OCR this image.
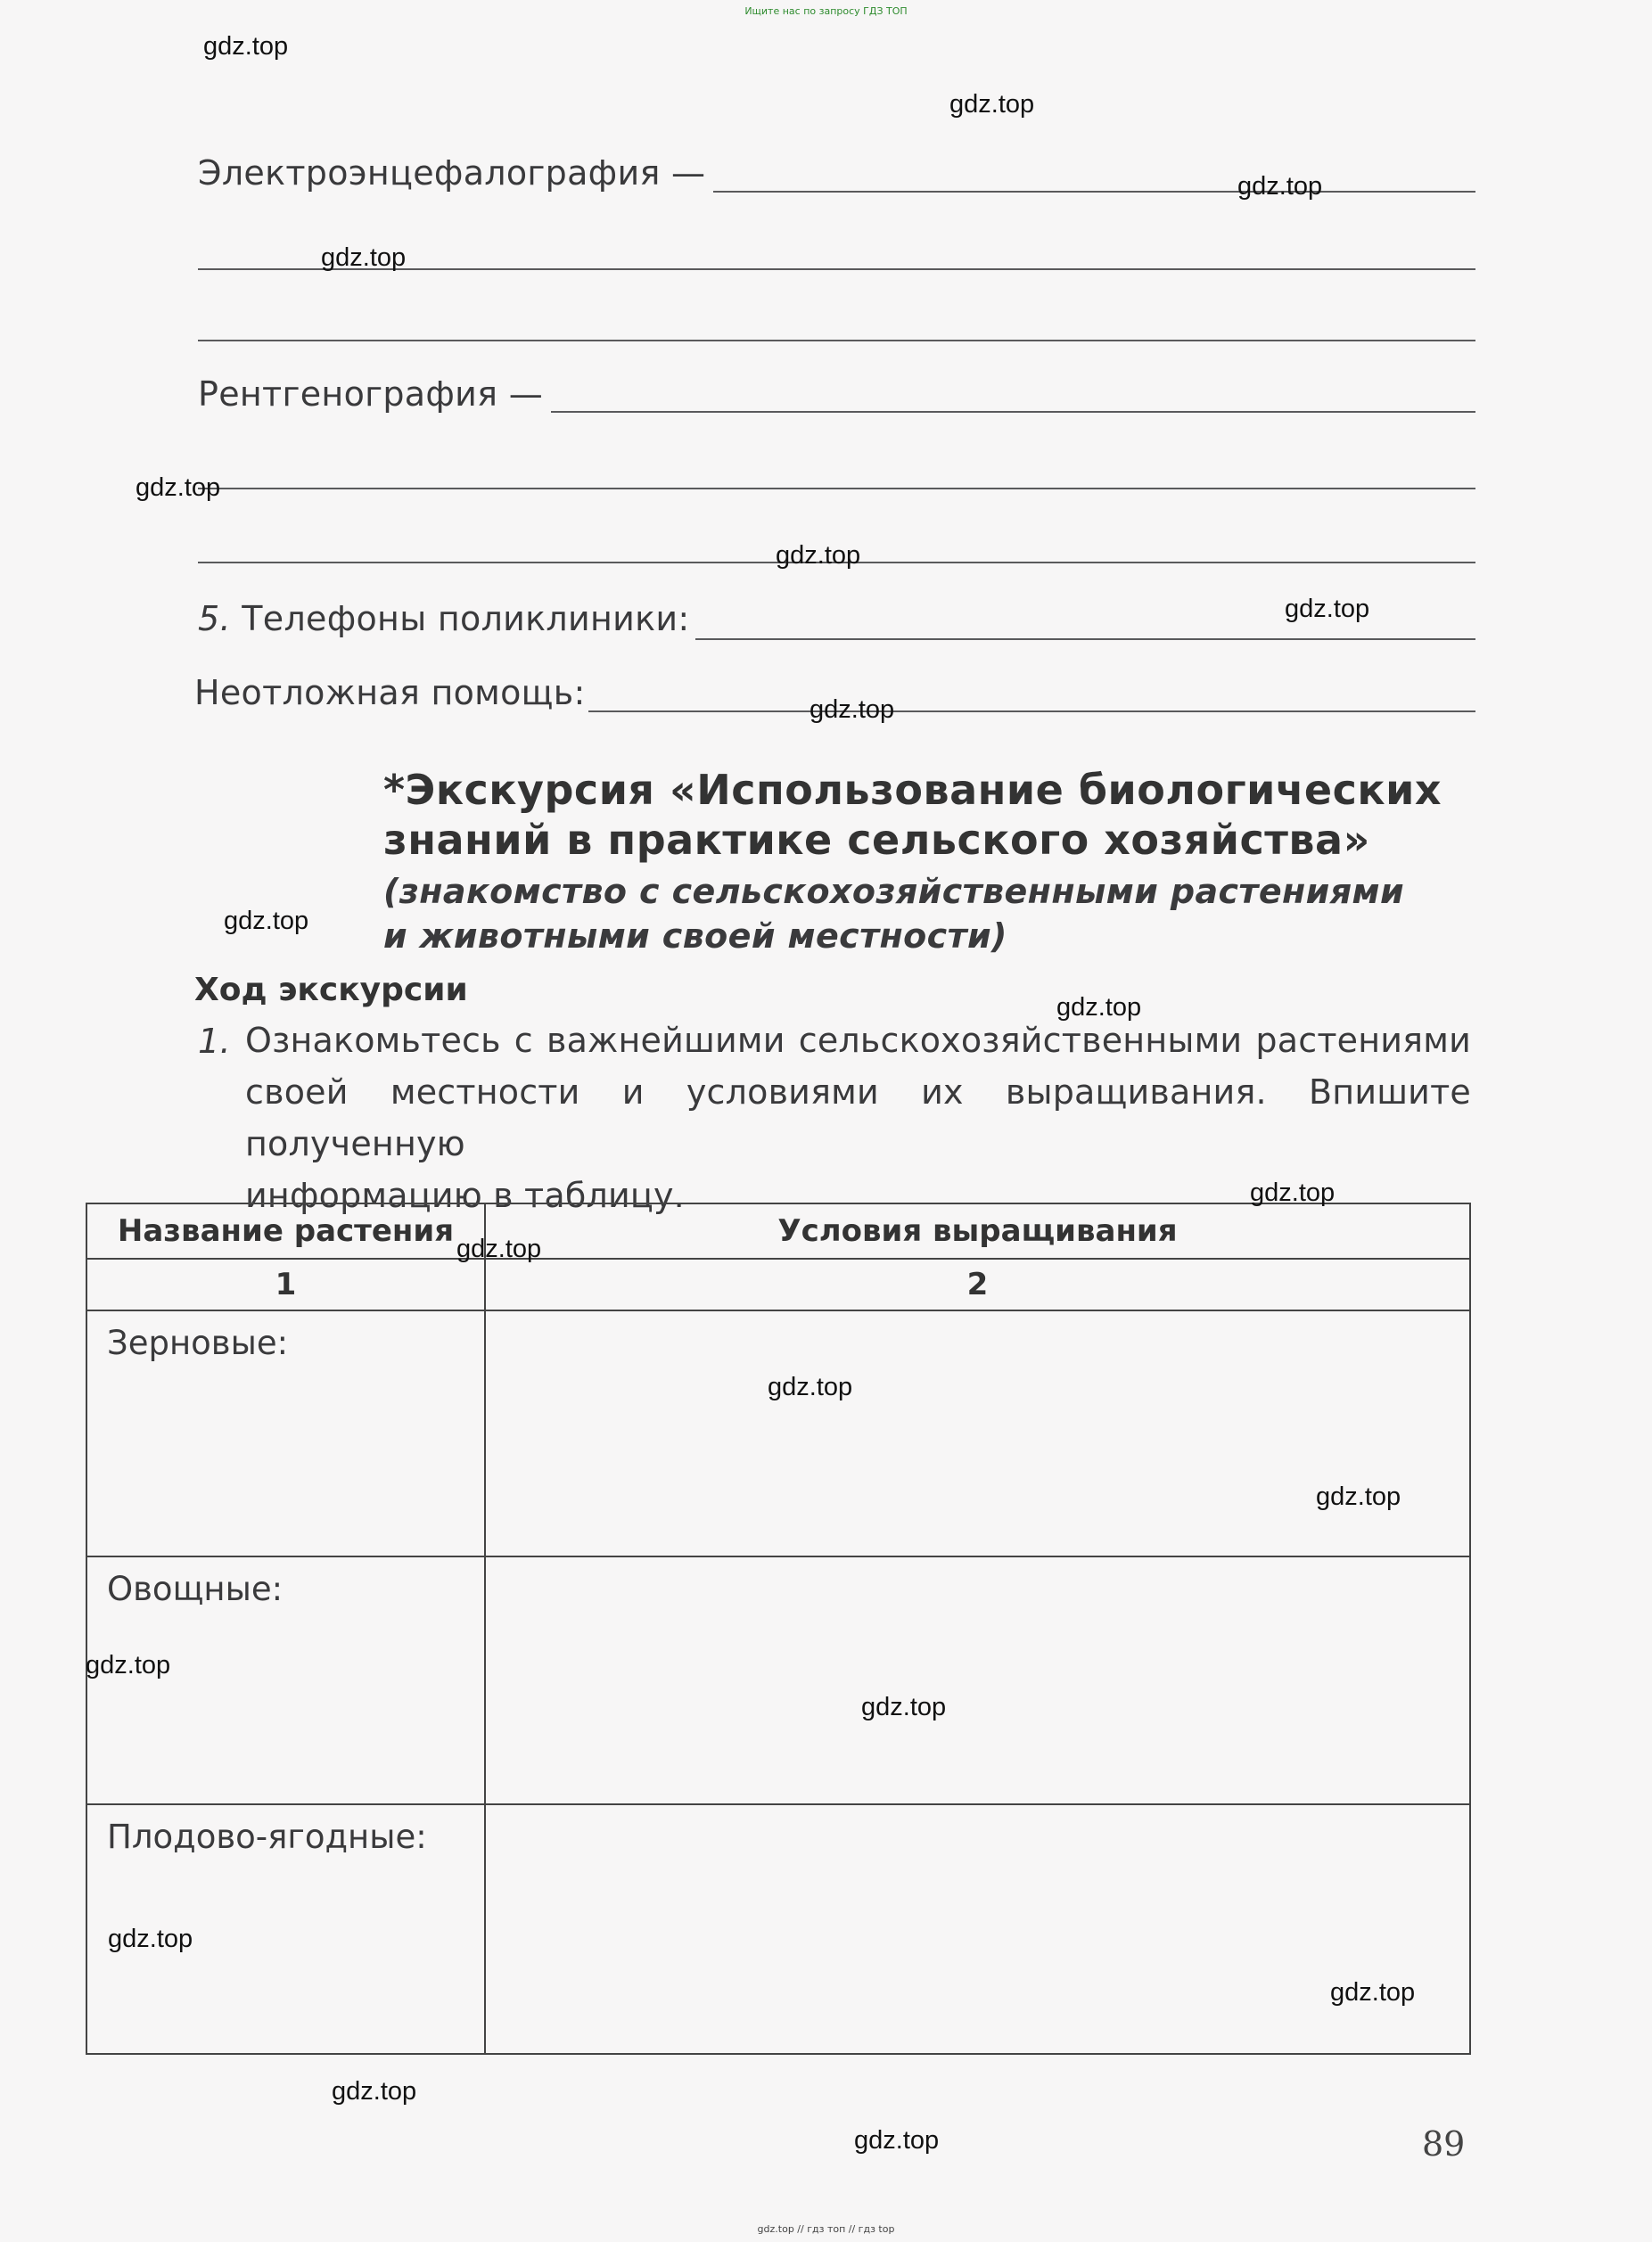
Ищите нас по запросу ГДЗ ТОП
gdz.top // гдз топ // гдз top
Электроэнцефалография —
Рентгенография —
5. Телефоны поликлиники:
Неотложная помощь:
*Экскурсия «Использование биологических
знаний в практике сельского хозяйства»
(знакомство с сельскохозяйственными растениями
и животными своей местности)
Ход экскурсии
1. Ознакомьтесь с важнейшими сельскохозяйственными растениями
своей местности и условиями их выращивания. Впишите полученную
информацию в таблицу.
Название растения	Условия выращивания
1	2
Зерновые:	
Овощные:	
Плодово-ягодные:	
89
gdz.top
gdz.top
gdz.top
gdz.top
gdz.top
gdz.top
gdz.top
gdz.top
gdz.top
gdz.top
gdz.top
gdz.top
gdz.top
gdz.top
gdz.top
gdz.top
gdz.top
gdz.top
gdz.top
gdz.top
